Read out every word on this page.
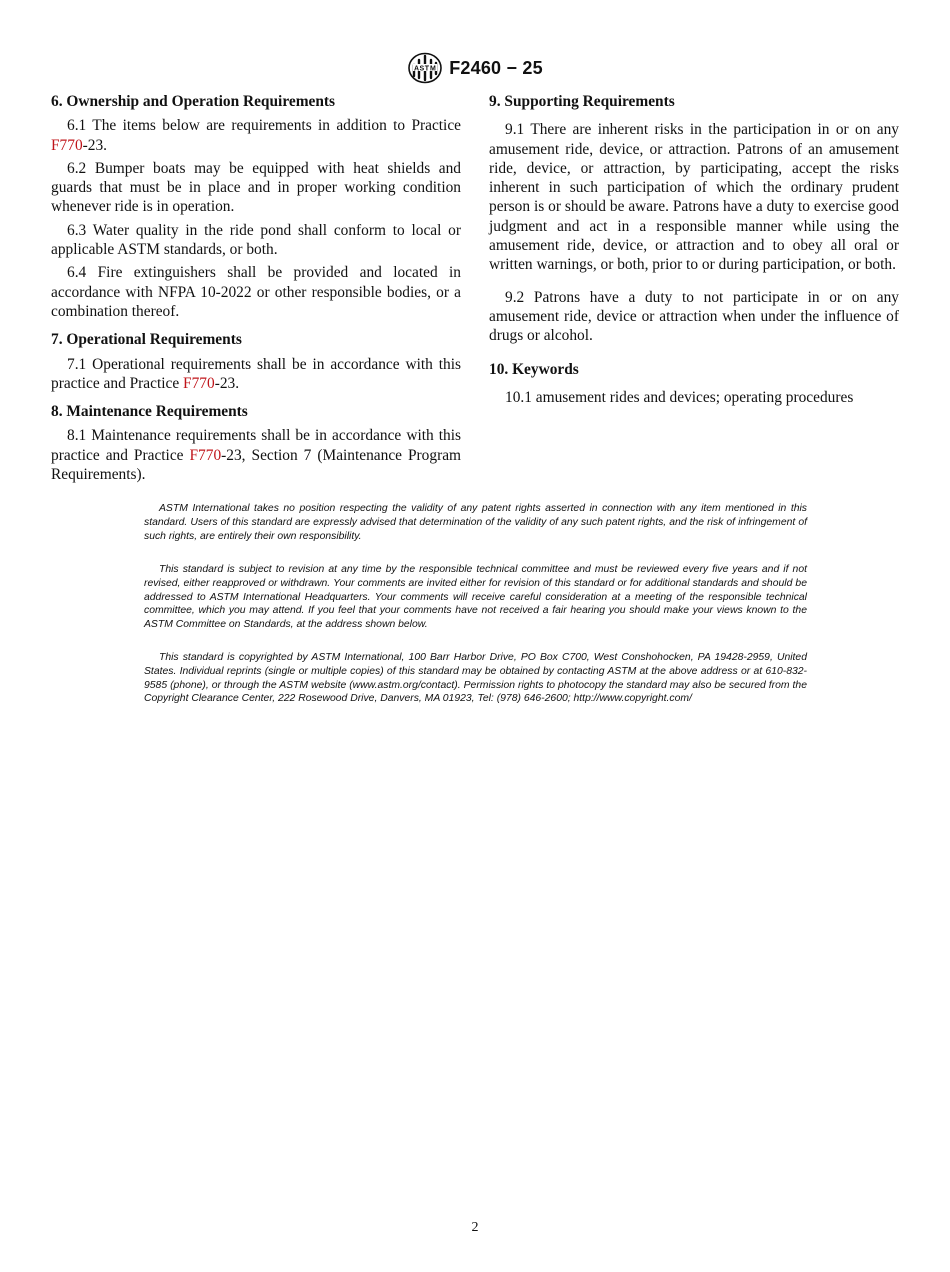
A S T M F2460 − 25
6. Ownership and Operation Requirements

6.1 The items below are requirements in addition to Practice F770-23.

6.2 Bumper boats may be equipped with heat shields and guards that must be in place and in proper working condition whenever ride is in operation.

6.3 Water quality in the ride pond shall conform to local or applicable ASTM standards, or both.

6.4 Fire extinguishers shall be provided and located in accordance with NFPA 10-2022 or other responsible bodies, or a combination thereof.

7. Operational Requirements

7.1 Operational requirements shall be in accordance with this practice and Practice F770-23.

8. Maintenance Requirements

8.1 Maintenance requirements shall be in accordance with this practice and Practice F770-23, Section 7 (Maintenance Program Requirements).

9. Supporting Requirements

9.1 There are inherent risks in the participation in or on any amusement ride, device, or attraction. Patrons of an amusement ride, device, or attraction, by participating, accept the risks inherent in such participation of which the ordinary prudent person is or should be aware. Patrons have a duty to exercise good judgment and act in a responsible manner while using the amusement ride, device, or attraction and to obey all oral or written warnings, or both, prior to or during participation, or both.

9.2 Patrons have a duty to not participate in or on any amusement ride, device or attraction when under the influence of drugs or alcohol.

10. Keywords

10.1 amusement rides and devices; operating procedures

ASTM International takes no position respecting the validity of any patent rights asserted in connection with any item mentioned in this standard. Users of this standard are expressly advised that determination of the validity of any such patent rights, and the risk of infringement of such rights, are entirely their own responsibility.

This standard is subject to revision at any time by the responsible technical committee and must be reviewed every five years and if not revised, either reapproved or withdrawn. Your comments are invited either for revision of this standard or for additional standards and should be addressed to ASTM International Headquarters. Your comments will receive careful consideration at a meeting of the responsible technical committee, which you may attend. If you feel that your comments have not received a fair hearing you should make your views known to the ASTM Committee on Standards, at the address shown below.

This standard is copyrighted by ASTM International, 100 Barr Harbor Drive, PO Box C700, West Conshohocken, PA 19428-2959, United States. Individual reprints (single or multiple copies) of this standard may be obtained by contacting ASTM at the above address or at 610-832-9585 (phone), or through the ASTM website (www.astm.org/contact). Permission rights to photocopy the standard may also be secured from the Copyright Clearance Center, 222 Rosewood Drive, Danvers, MA 01923, Tel: (978) 646-2600; http://www.copyright.com/

2
